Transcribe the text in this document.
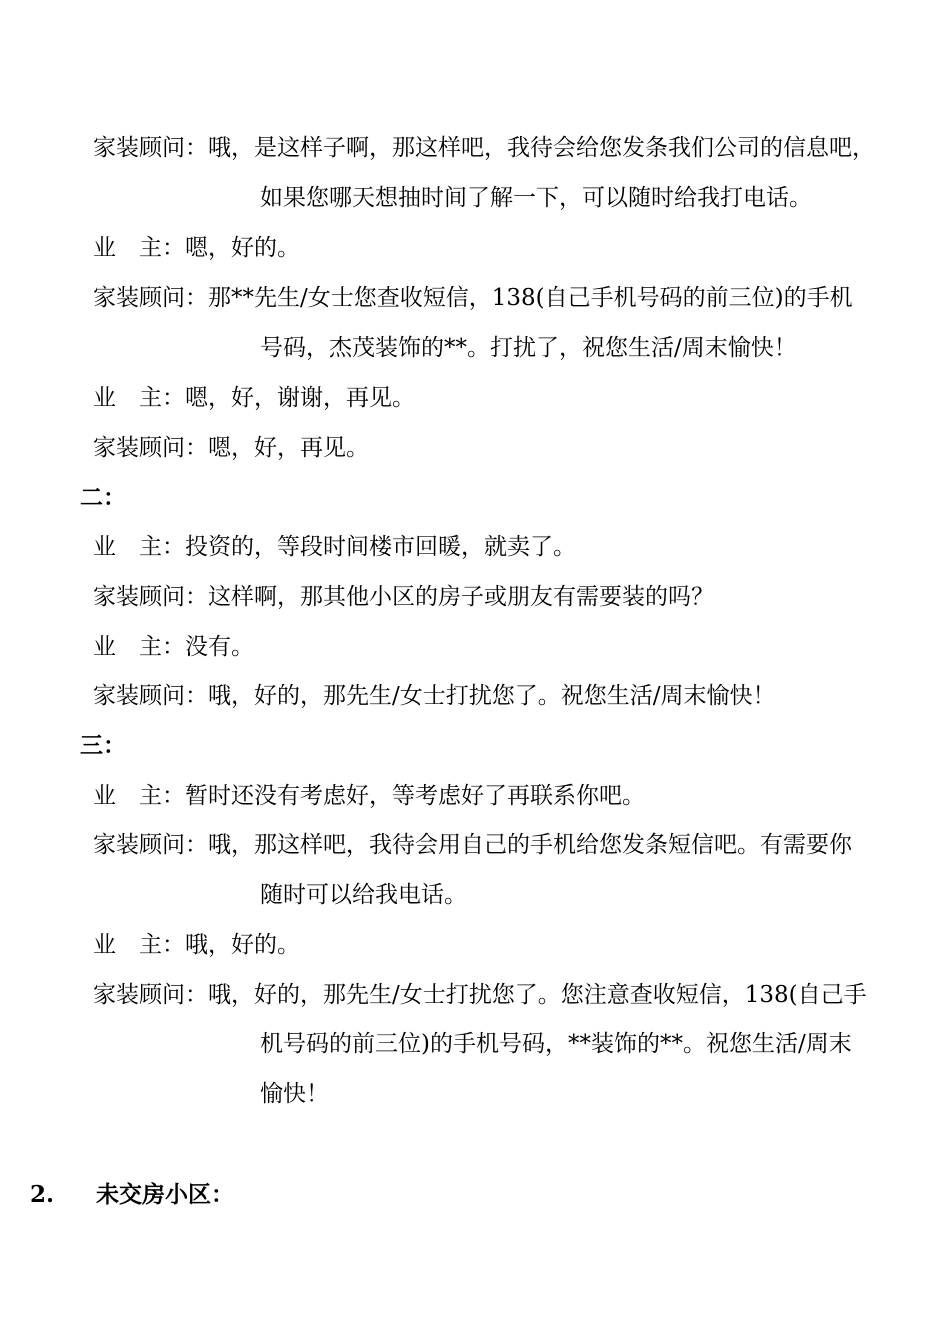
家装顾问：哦，是这样子啊，那这样吧，我待会给您发条我们公司的信息吧，
如果您哪天想抽时间了解一下，可以随时给我打电话。
业　主：嗯，好的。
家装顾问：那**先生/女士您查收短信，138(自己手机号码的前三位)的手机
号码，杰茂装饰的**。打扰了，祝您生活/周末愉快！
业　主：嗯，好，谢谢，再见。
家装顾问：嗯，好，再见。
二：
业　主：投资的，等段时间楼市回暖，就卖了。
家装顾问：这样啊，那其他小区的房子或朋友有需要装的吗？
业　主：没有。
家装顾问：哦，好的，那先生/女士打扰您了。祝您生活/周末愉快！
三：
业　主：暂时还没有考虑好，等考虑好了再联系你吧。
家装顾问：哦，那这样吧，我待会用自己的手机给您发条短信吧。有需要你
随时可以给我电话。
业　主：哦，好的。
家装顾问：哦，好的，那先生/女士打扰您了。您注意查收短信，138(自己手
机号码的前三位)的手机号码，**装饰的**。祝您生活/周末
愉快！
2. 未交房小区：
